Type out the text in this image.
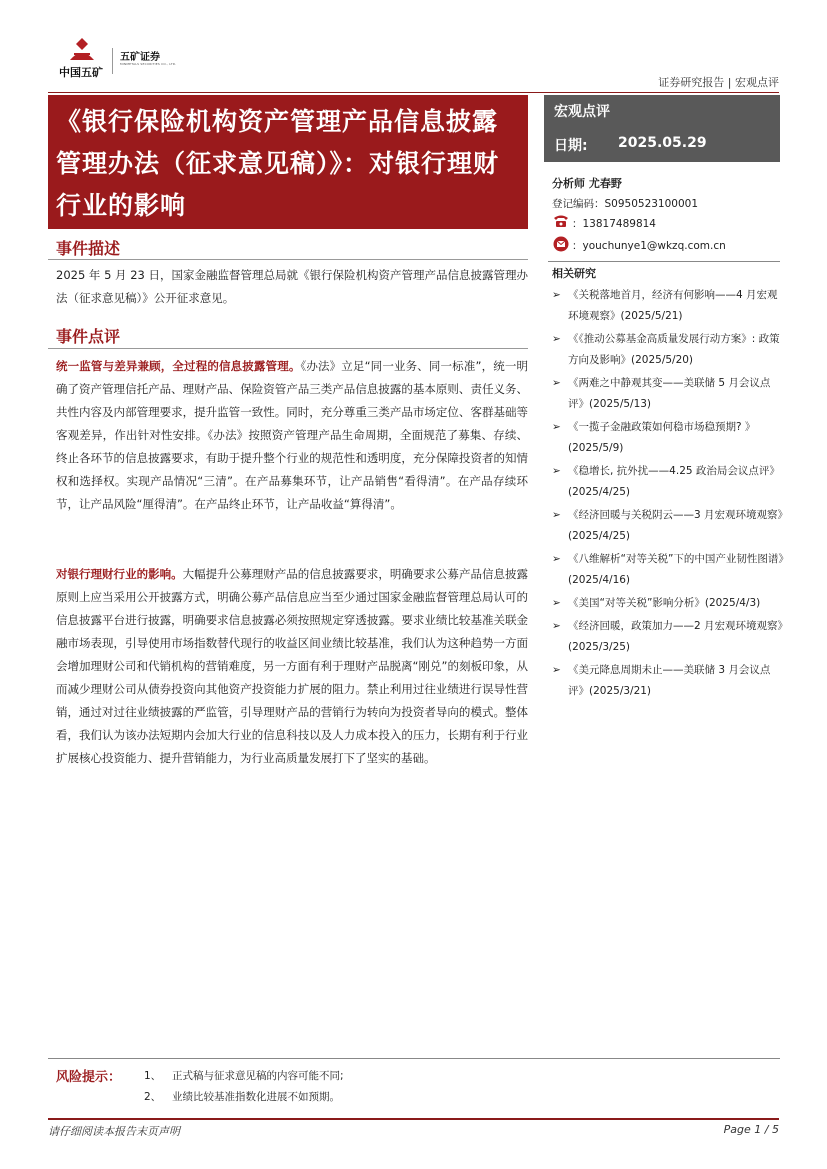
中国五矿
五矿证券
MINMETALS SECURITIES CO., LTD.
证券研究报告 | 宏观点评
《银行保险机构资产管理产品信息披露管理办法（征求意见稿）》：对银行理财行业的影响
宏观点评
日期: 2025.05.29
分析师 尤春野
登记编码：S0950523100001
：13817489814
：youchunye1@wkzq.com.cn
相关研究
➢ 《关税落地首月，经济有何影响——4 月宏观环境观察》(2025/5/21)
➢ 《《推动公募基金高质量发展行动方案》: 政策方向及影响》(2025/5/20)
➢ 《两难之中静观其变——美联储 5 月会议点评》(2025/5/13)
➢ 《一揽子金融政策如何稳市场稳预期? 》(2025/5/9)
➢ 《稳增长, 抗外扰——4.25 政治局会议点评》(2025/4/25)
➢ 《经济回暖与关税阴云——3 月宏观环境观察》(2025/4/25)
➢ 《八维解析“对等关税”下的中国产业韧性图谱》(2025/4/16)
➢ 《美国“对等关税”影响分析》(2025/4/3)
➢ 《经济回暖，政策加力——2 月宏观环境观察》(2025/3/25)
➢ 《美元降息周期未止——美联储 3 月会议点评》(2025/3/21)
事件描述

2025 年 5 月 23 日，国家金融监督管理总局就《银行保险机构资产管理产品信息披露管理办法（征求意见稿）》公开征求意见。

事件点评

统一监管与差异兼顾，全过程的信息披露管理。《办法》立足“同一业务、同一标准”，统一明确了资产管理信托产品、理财产品、保险资管产品三类产品信息披露的基本原则、责任义务、共性内容及内部管理要求，提升监管一致性。同时，充分尊重三类产品市场定位、客群基础等客观差异，作出针对性安排。《办法》按照资产管理产品生命周期，全面规范了募集、存续、终止各环节的信息披露要求，有助于提升整个行业的规范性和透明度，充分保障投资者的知情权和选择权。实现产品情况“三清”。在产品募集环节，让产品销售“看得清”。在产品存续环节，让产品风险“厘得清”。在产品终止环节，让产品收益“算得清”。

对银行理财行业的影响。大幅提升公募理财产品的信息披露要求，明确要求公募产品信息披露原则上应当采用公开披露方式，明确公募产品信息应当至少通过国家金融监督管理总局认可的信息披露平台进行披露，明确要求信息披露必须按照规定穿透披露。要求业绩比较基准关联金融市场表现，引导使用市场指数替代现行的收益区间业绩比较基准，我们认为这种趋势一方面会增加理财公司和代销机构的营销难度，另一方面有利于理财产品脱离“刚兑”的刻板印象，从而减少理财公司从债券投资向其他资产投资能力扩展的阻力。禁止利用过往业绩进行误导性营销，通过对过往业绩披露的严监管，引导理财产品的营销行为转向为投资者导向的模式。整体看，我们认为该办法短期内会加大行业的信息科技以及人力成本投入的压力，长期有利于行业扩展核心投资能力、提升营销能力，为行业高质量发展打下了坚实的基础。

风险提示： 1、 正式稿与征求意见稿的内容可能不同;
2、 业绩比较基准指数化进展不如预期。
请仔细阅读本报告末页声明	Page 1 / 5
